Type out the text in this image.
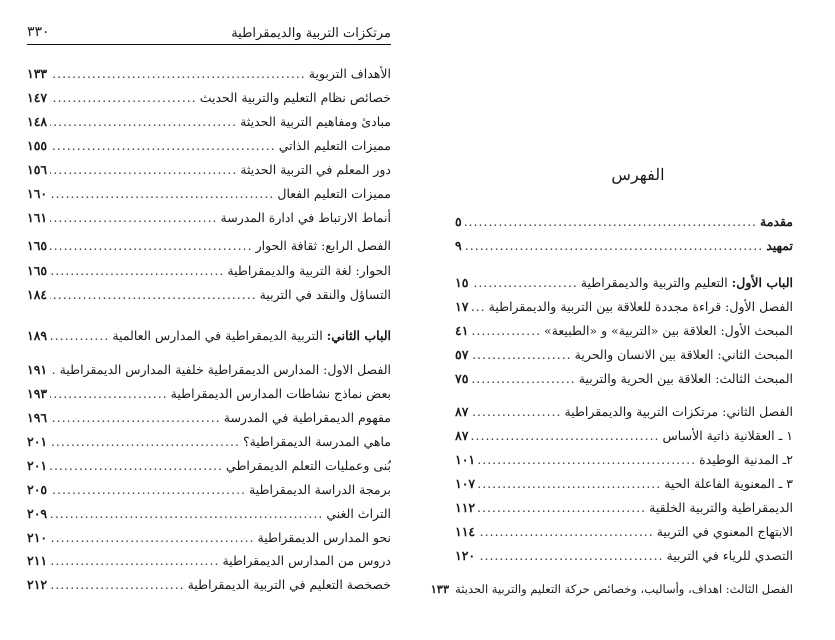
مرتكزات التربية والديمقراطية
٣٣٠
الأهداف التربوية
.....
١٣٣
خصائص نظام التعليم والتربية الحديث
.....
١٤٧
مبادئ ومفاهيم التربية الحديثة
.....
١٤٨
مميزات التعليم الذاتي
.....
١٥٥
دور المعلم في التربية الحديثة
.....
١٥٦
مميزات التعليم الفعال
.....
١٦٠
أنماط الارتباط في ادارة المدرسة
.....
١٦١
الفصل الرابع: ثقافة الحوار
.....
١٦٥
الحوار: لغة التربية والديمقراطية
.....
١٦٥
التساؤل والنقد في التربية
.....
١٨٤
الباب الثاني: التربية الديمقراطية في المدارس العالمية
.....
١٨٩
الفصل الاول: المدارس الديمقراطية خلفية المدارس الديمقراطية
.....
١٩١
بعض نماذج نشاطات المدارس الديمقراطية
.....
١٩٣
مفهوم الديمقراطية في المدرسة
.....
١٩٦
ماهي المدرسة الديمقراطية؟
.....
٢٠١
بُنى وعمليات التعلم الديمقراطي
.....
٢٠١
برمجة الدراسة الديمقراطية
.....
٢٠٥
التراث الغني
.....
٢٠٩
نحو المدارس الديمقراطية
.....
٢١٠
دروس من المدارس الديمقراطية
.....
٢١١
خصخصة التعليم في التربية الديمقراطية
.....
٢١٢
الفهرس
مقدمة
.....
٥
تمهيد
.....
٩
الباب الأول: التعليم والتربية والديمقراطية
.....
١٥
الفصل الأول: قراءة مجددة للعلاقة بين التربية والديمقراطية
.....
١٧
المبحث الأول: العلاقة بين «التربية» و «الطبيعة»
.....
٤١
المبحث الثاني: العلاقة بين الانسان والحرية
.....
٥٧
المبحث الثالث: العلاقة بين الحرية والتربية
.....
٧٥
الفصل الثاني: مرتكزات التربية والديمقراطية
.....
٨٧
١ ـ العقلانية ذاتية الأساس
.....
٨٧
٢ـ المدنية الوطيدة
.....
١٠١
٣ ـ المعنوية الفاعلة الحية
.....
١٠٧
الديمقراطية والتربية الخلقية
.....
١١٢
الابتهاج المعنوي في التربية
.....
١١٤
التصدي للرياء في التربية
.....
١٢٠
الفصل الثالث: اهداف، وأساليب، وخصائص حركة التعليم والتربية الحديثة
١٣٣
